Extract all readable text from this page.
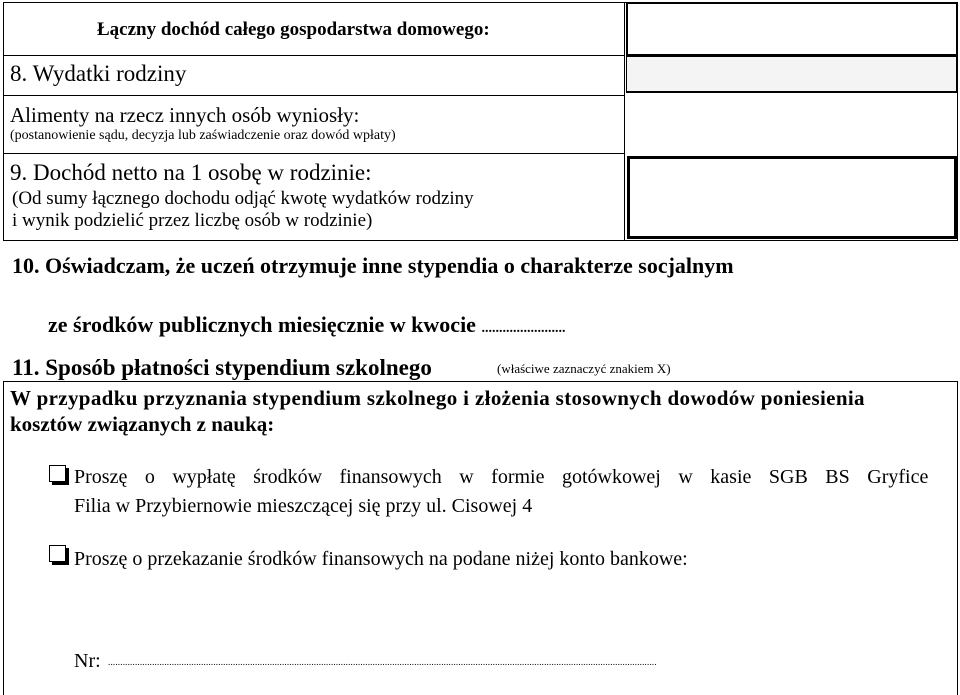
Łączny dochód całego gospodarstwa domowego:
8. Wydatki rodziny
Alimenty na rzecz innych osób wyniosły:
(postanowienie sądu, decyzja lub zaświadczenie oraz dowód wpłaty)
9. Dochód netto na 1 osobę w rodzinie:
(Od sumy łącznego dochodu odjąć kwotę wydatków rodziny
i wynik podzielić przez liczbę osób w rodzinie)
10. Oświadczam, że uczeń otrzymuje inne stypendia o charakterze socjalnym
ze środków publicznych miesięcznie w kwocie ........................
11. Sposób płatności stypendium szkolnego	(właściwe zaznaczyć znakiem X)
W przypadku przyznania stypendium szkolnego i złożenia stosownych dowodów poniesienia
kosztów związanych z nauką:
Proszę o wypłatę środków finansowych w formie gotówkowej w kasie SGB BS Gryfice
Filia w Przybiernowie mieszczącej się przy ul. Cisowej 4
Proszę o przekazanie środków finansowych na podane niżej konto bankowe:
Nr: ................................................................................................................................................................................................................................
